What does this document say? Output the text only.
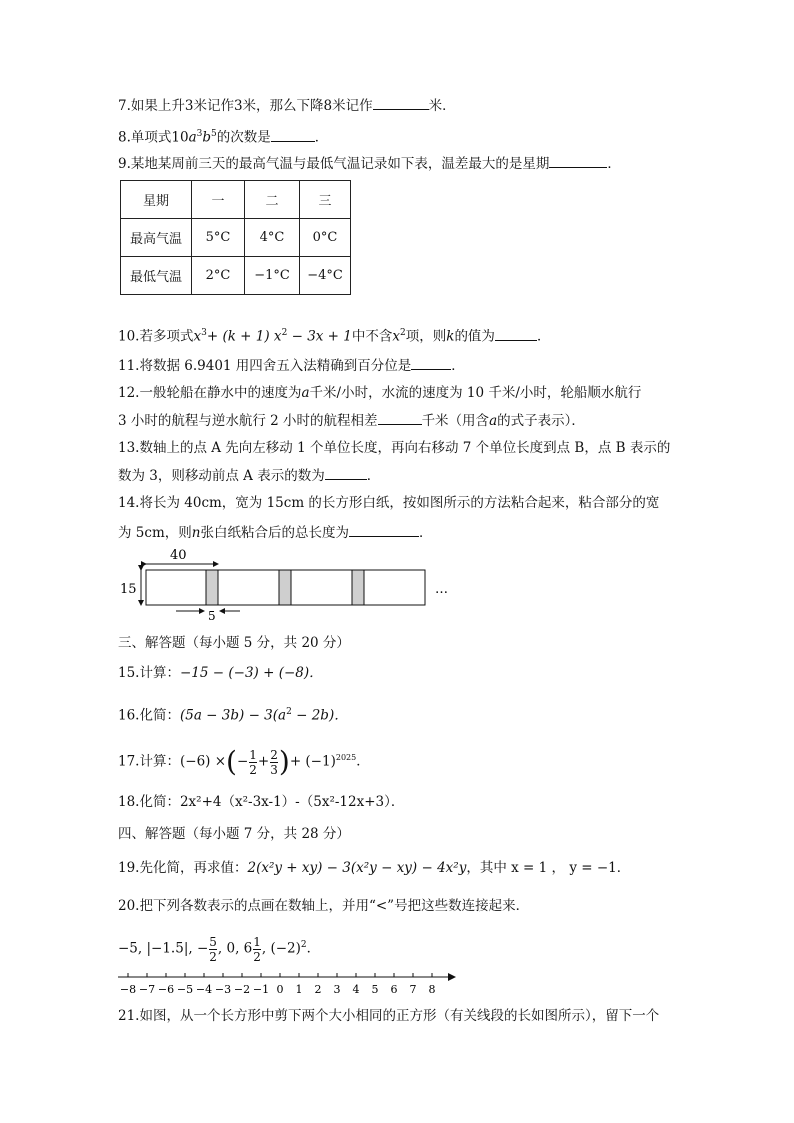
7.如果上升3米记作3米，那么下降8米记作	米．
8.单项式$10a^3b^5$的次数是	．
9.某地某周前三天的最高气温与最低气温记录如下表，温差最大的是星期	．
星期	一	二	三
最高气温	5°C	4°C	0°C
最低气温	2°C	−1°C	−4°C
10.若多项式$x^3+ (k + 1) x^2 - 3x + 1$中不含$x^2$项，则k的值为	．
11.将数据 6.9401 用四舍五入法精确到百分位是	．
12.一般轮船在静水中的速度为a千米/小时，水流的速度为 10 千米/小时，轮船顺水航行
3 小时的航程与逆水航行 2 小时的航程相差	千米（用含a的式子表示）．
13.数轴上的点 A 先向左移动 1 个单位长度，再向右移动 7 个单位长度到点 B，点 B 表示的
数为 3，则移动前点 A 表示的数为	．
14.将长为 40cm，宽为 15cm 的长方形白纸，按如图所示的方法粘合起来，粘合部分的宽
为 5cm，则n张白纸粘合后的总长度为	．
40
15
5
…
三、解答题（每小题 5 分，共 20 分）
15.计算：−15 − (−3) + (−8)．
16.化简：$(5a - 3b) - 3(a^2 - 2b)$．
17.计算：(−6) ×(− $\frac{1}{2} + \frac{2}{3}$ )+ $(-1)^{2025}$．
18.化简：2x²+4（x²-3x-1）-（5x²-12x+3）．
四、解答题（每小题 7 分，共 28 分）
19.先化简，再求值：2(x²y + xy) − 3(x²y − xy) − 4x²y，其中 x = 1 ， y = −1．
20.把下列各数表示的点画在数轴上，并用“<”号把这些数连接起来．
−5, |−1.5|, − $\frac{5}{2}$ , 0, $6 \frac{1}{2}$ , $(-2)^2$．
−8 −7 −6 −5 −4 −3 −2 −1 0 1 2 3 4 5 6 7 8
21.如图，从一个长方形中剪下两个大小相同的正方形（有关线段的长如图所示），留下一个
